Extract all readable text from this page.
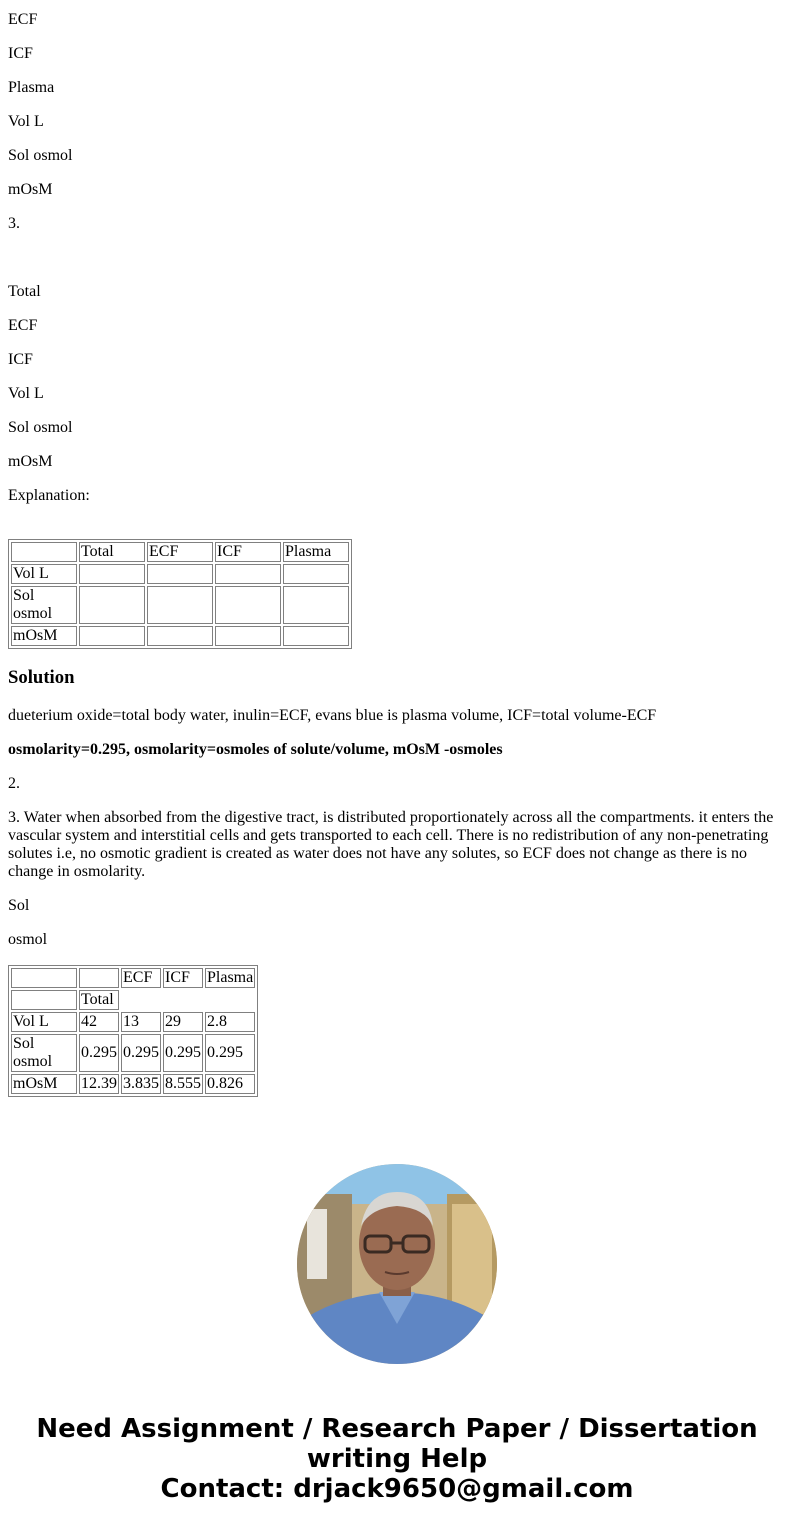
ECF

ICF

Plasma

Vol L

Sol osmol

mOsM

3.

Total

ECF

ICF

Vol L

Sol osmol

mOsM

Explanation:

	Total	ECF	ICF	Plasma
Vol L				
Sol osmol				
mOsM				
Solution

dueterium oxide=total body water, inulin=ECF, evans blue is plasma volume, ICF=total volume-ECF

osmolarity=0.295, osmolarity=osmoles of solute/volume, mOsM -osmoles

2.

3. Water when absorbed from the digestive tract, is distributed proportionately across all the compartments. it enters the vascular system and interstitial cells and gets transported to each cell. There is no redistribution of any non-penetrating solutes i.e, no osmotic gradient is created as water does not have any solutes, so ECF does not change as there is no change in osmolarity.

Sol

osmol

		ECF	ICF	Plasma
	Total			
Vol L	42	13	29	2.8
Sol osmol	0.295	0.295	0.295	0.295
mOsM	12.39	3.835	8.555	0.826
Need Assignment / Research Paper / Dissertation writing Help
Contact: drjack9650@gmail.com
